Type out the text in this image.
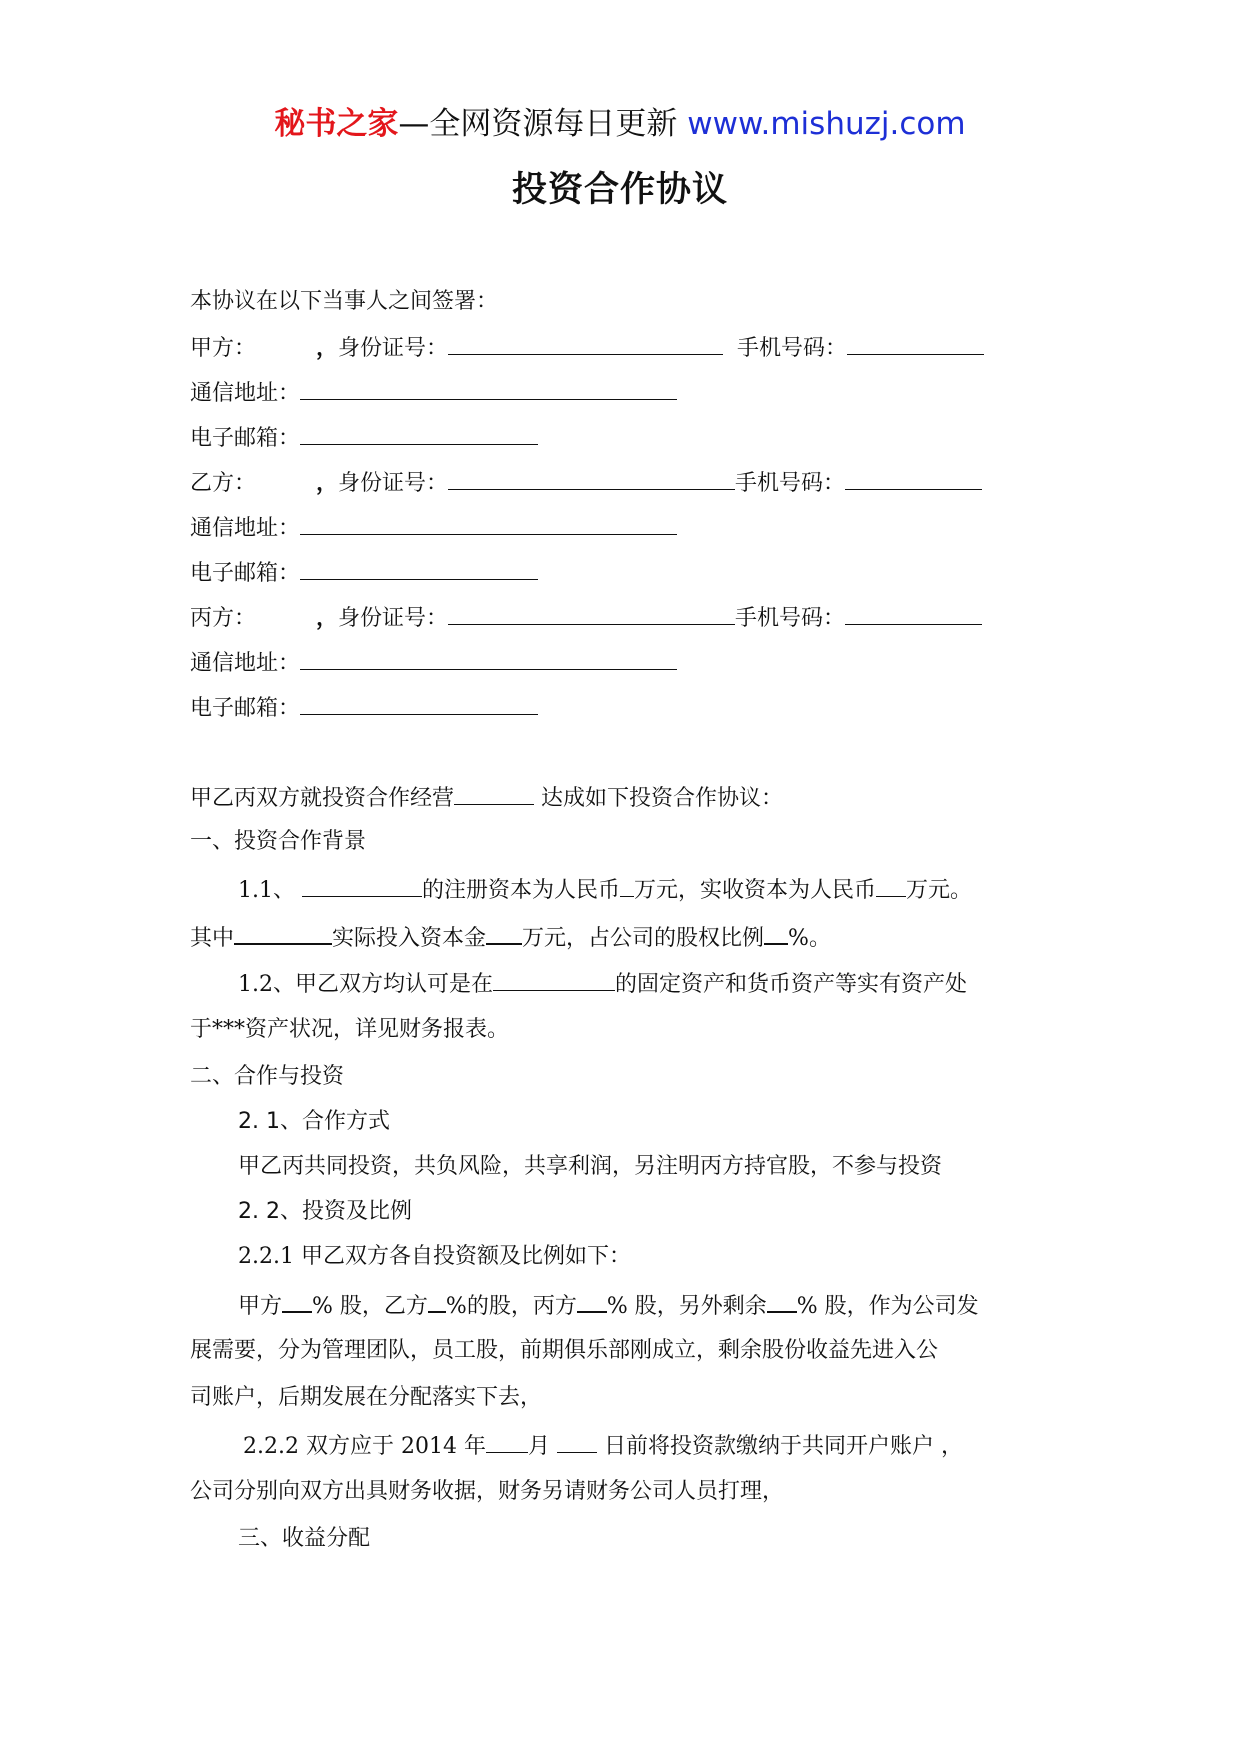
秘书之家—全网资源每日更新 www.mishuzj.com
投资合作协议
本协议在以下当事人之间签署：
甲方：	，身份证号：	手机号码：
通信地址：
电子邮箱：
乙方：	，身份证号：	手机号码：
通信地址：
电子邮箱：
丙方：	，身份证号：	手机号码：
通信地址：
电子邮箱：
甲乙丙双方就投资合作经营	达成如下投资合作协议：
一、投资合作背景
1.1、	的注册资本为人民币 万元，实收资本为人民币 万元。
其中	实际投入资本金 万元，占公司的股权比例 %。
1.2、甲乙双方均认可是在	的固定资产和货币资产等实有资产处
于***资产状况，详见财务报表。
二、合作与投资
2. 1、合作方式
甲乙丙共同投资，共负风险，共享利润，另注明丙方持官股，不参与投资
2. 2、投资及比例
2.2.1 甲乙双方各自投资额及比例如下：
甲方 % 股，乙方 %的股，丙方 % 股，另外剩余 % 股，作为公司发
展需要，分为管理团队，员工股，前期俱乐部刚成立，剩余股份收益先进入公
司账户，后期发展在分配落实下去，
2.2.2 双方应于 2014 年 月  日前将投资款缴纳于共同开户账户 ，
公司分别向双方出具财务收据，财务另请财务公司人员打理，
三、收益分配
